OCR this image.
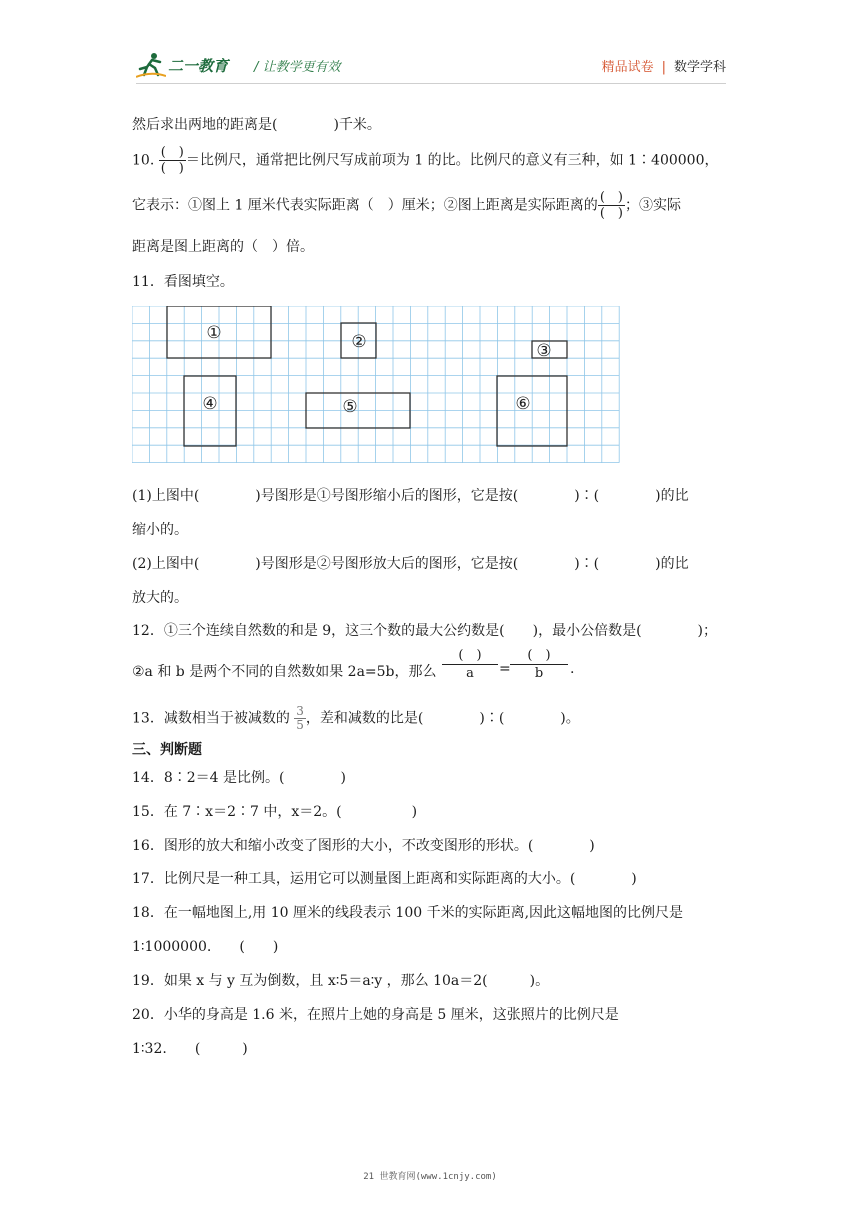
二一教育 / 让教学更有效	精品试卷 | 数学学科
然后求出两地的距离是(　　　　)千米。
10. $\frac{( )}{( )}$ ＝比例尺，通常把比例尺写成前项为 1 的比。比例尺的意义有三种，如 1∶400000，
它表示：①图上 1 厘米代表实际距离（　）厘米；②图上距离是实际距离的 $\frac{( )}{( )}$ ；③实际
距离是图上距离的（　）倍。
11．看图填空。
①	②	③
④	⑤	⑥
(1)上图中(　　　　)号图形是①号图形缩小后的图形，它是按(　　　　)∶(　　　　)的比
缩小的。
(2)上图中(　　　　)号图形是②号图形放大后的图形，它是按(　　　　)∶(　　　　)的比
放大的。
12．①三个连续自然数的和是 9，这三个数的最大公约数是(　　)，最小公倍数是(　　　　)；
②a 和 b 是两个不同的自然数如果 2a=5b，那么
(　)
a	=
(　)
b	.
13．减数相当于被减数的 $\frac{3}{5}$ ，差和减数的比是(　　　　)∶(　　　　)。
三、判断题
14．8∶2＝4 是比例。(　　　　)
15．在 7∶x＝2∶7 中，x＝2。(　　　　　)
16．图形的放大和缩小改变了图形的大小，不改变图形的形状。(　　　　)
17．比例尺是一种工具，运用它可以测量图上距离和实际距离的大小。(　　　　)
18．在一幅地图上,用 10 厘米的线段表示 100 千米的实际距离,因此这幅地图的比例尺是
1∶1000000.　　(　　)
19．如果 x 与 y 互为倒数，且 x∶5＝a∶y ，那么 10a＝2(　　　)。
20．小华的身高是 1.6 米，在照片上她的身高是 5 厘米，这张照片的比例尺是
1∶32.　　(　　　)
21 世教育网(www.1cnjy.com)
